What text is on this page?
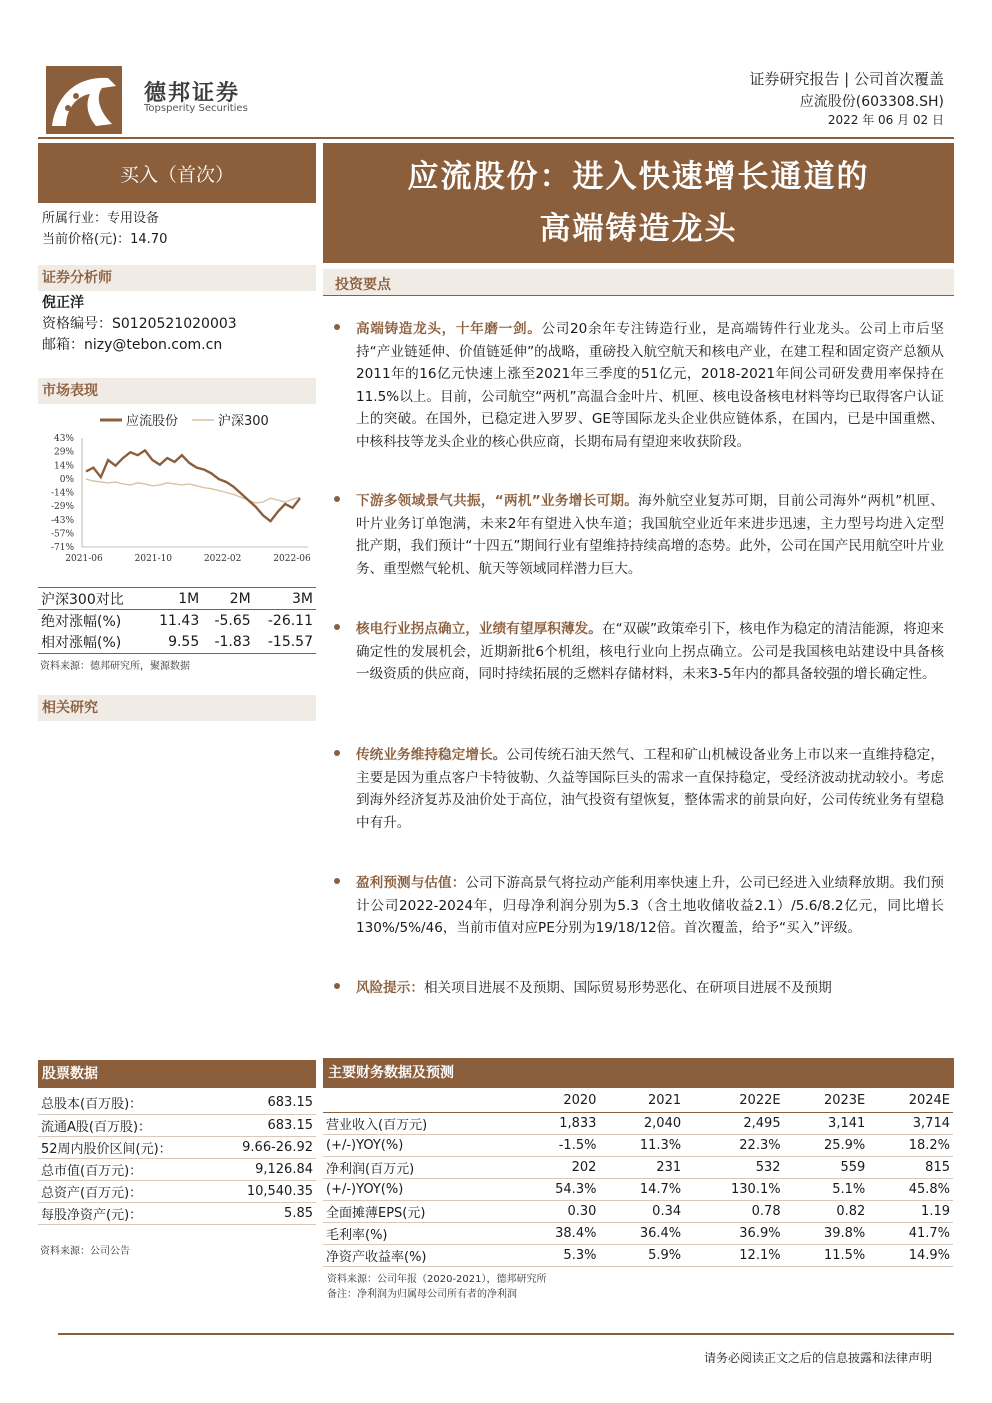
德邦证券
Topsperity Securities
证券研究报告 | 公司首次覆盖
应流股份(603308.SH)
2022 年 06 月 02 日
买入（首次）	应流股份：进入快速增长通道的
高端铸造龙头
所属行业：专用设备
当前价格(元)：14.70
证券分析师
倪正洋
资格编号：S0120521020003
邮箱：nizy@tebon.com.cn
市场表现
应流股份	沪深300
43%
29%
14%
0%
-14%
-29%
-43%
-57%
-71%
2021-06	2021-10	2022-02	2022-06
沪深300对比	1M	2M	3M
绝对涨幅(%)	11.43	-5.65	-26.11
相对涨幅(%)	9.55	-1.83	-15.57
资料来源：德邦研究所，聚源数据
相关研究
投资要点

高端铸造龙头，十年磨一剑。公司20余年专注铸造行业，是高端铸件行业龙头。公司上市后坚持“产业链延伸、价值链延伸”的战略，重磅投入航空航天和核电产业，在建工程和固定资产总额从2011年的16亿元快速上涨至2021年三季度的51亿元，2018-2021年间公司研发费用率保持在11.5%以上。目前，公司航空“两机”高温合金叶片、机匣、核电设备核电材料等均已取得客户认证上的突破。在国外，已稳定进入罗罗、GE等国际龙头企业供应链体系，在国内，已是中国重燃、中核科技等龙头企业的核心供应商，长期布局有望迎来收获阶段。

下游多领域景气共振，“两机”业务增长可期。海外航空业复苏可期，目前公司海外“两机”机匣、叶片业务订单饱满，未来2年有望进入快车道；我国航空业近年来进步迅速，主力型号均进入定型批产期，我们预计“十四五”期间行业有望维持持续高增的态势。此外，公司在国产民用航空叶片业务、重型燃气轮机、航天等领域同样潜力巨大。

核电行业拐点确立，业绩有望厚积薄发。在“双碳”政策牵引下，核电作为稳定的清洁能源，将迎来确定性的发展机会，近期新批6个机组，核电行业向上拐点确立。公司是我国核电站建设中具备核一级资质的供应商，同时持续拓展的乏燃料存储材料，未来3-5年内的都具备较强的增长确定性。

传统业务维持稳定增长。公司传统石油天然气、工程和矿山机械设备业务上市以来一直维持稳定，主要是因为重点客户卡特彼勒、久益等国际巨头的需求一直保持稳定，受经济波动扰动较小。考虑到海外经济复苏及油价处于高位，油气投资有望恢复，整体需求的前景向好，公司传统业务有望稳中有升。

盈利预测与估值：公司下游高景气将拉动产能利用率快速上升，公司已经进入业绩释放期。我们预计公司2022-2024年，归母净利润分别为5.3（含土地收储收益2.1）/5.6/8.2亿元，同比增长130%/5%/46，当前市值对应PE分别为19/18/12倍。首次覆盖，给予“买入”评级。

风险提示：相关项目进展不及预期、国际贸易形势恶化、在研项目进展不及预期

股票数据
总股本(百万股)：	683.15
流通A股(百万股)：	683.15
52周内股价区间(元)：	9.66-26.92
总市值(百万元)：	9,126.84
总资产(百万元)：	10,540.35
每股净资产(元)：	5.85
资料来源：公司公告
主要财务数据及预测
	2020	2021	2022E	2023E	2024E
营业收入(百万元)	1,833	2,040	2,495	3,141	3,714
(+/-)YOY(%)	-1.5%	11.3%	22.3%	25.9%	18.2%
净利润(百万元)	202	231	532	559	815
(+/-)YOY(%)	54.3%	14.7%	130.1%	5.1%	45.8%
全面摊薄EPS(元)	0.30	0.34	0.78	0.82	1.19
毛利率(%)	38.4%	36.4%	36.9%	39.8%	41.7%
净资产收益率(%)	5.3%	5.9%	12.1%	11.5%	14.9%
资料来源：公司年报（2020-2021），德邦研究所
备注：净利润为归属母公司所有者的净利润
请务必阅读正文之后的信息披露和法律声明
